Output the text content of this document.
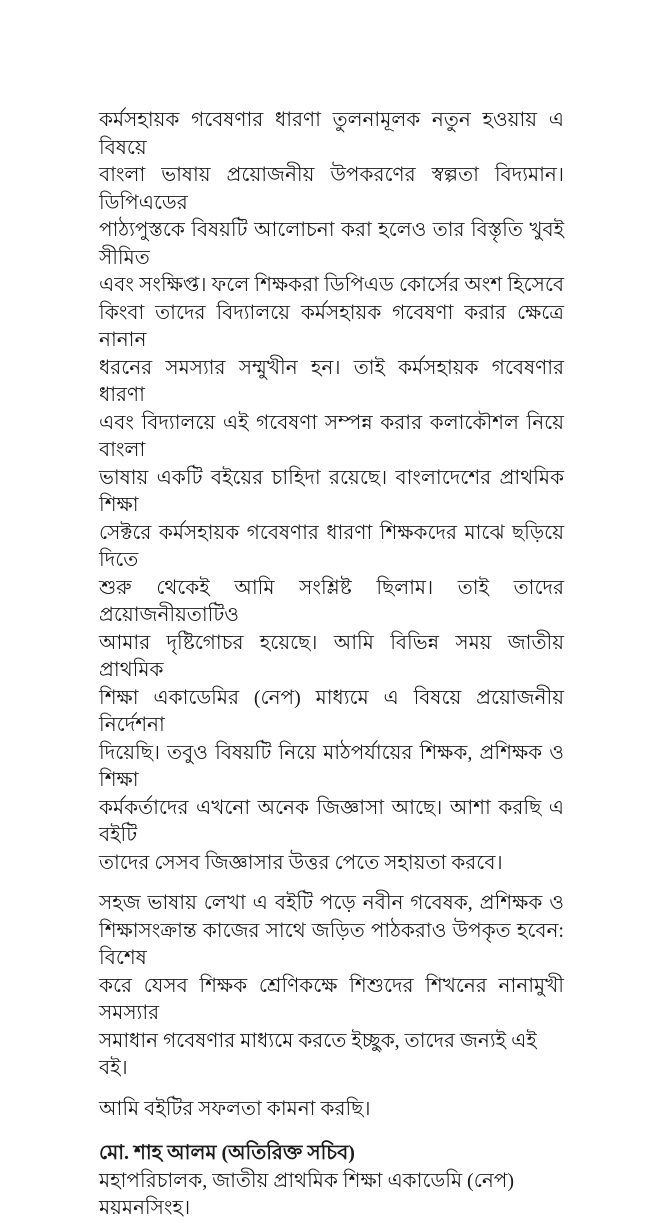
কর্মসহায়ক গবেষণার ধারণা তুলনামূলক নতুন হওয়ায় এ বিষয়ে
বাংলা ভাষায় প্রয়োজনীয় উপকরণের স্বল্পতা বিদ্যমান। ডিপিএডের
পাঠ্যপুস্তকে বিষয়টি আলোচনা করা হলেও তার বিস্তৃতি খুবই সীমিত
এবং সংক্ষিপ্ত। ফলে শিক্ষকরা ডিপিএড কোর্সের অংশ হিসেবে
কিংবা তাদের বিদ্যালয়ে কর্মসহায়ক গবেষণা করার ক্ষেত্রে নানান
ধরনের সমস্যার সম্মুখীন হন। তাই কর্মসহায়ক গবেষণার ধারণা
এবং বিদ্যালয়ে এই গবেষণা সম্পন্ন করার কলাকৌশল নিয়ে বাংলা
ভাষায় একটি বইয়ের চাহিদা রয়েছে। বাংলাদেশের প্রাথমিক শিক্ষা
সেক্টরে কর্মসহায়ক গবেষণার ধারণা শিক্ষকদের মাঝে ছড়িয়ে দিতে
শুরু থেকেই আমি সংশ্লিষ্ট ছিলাম। তাই তাদের প্রয়োজনীয়তাটিও
আমার দৃষ্টিগোচর হয়েছে। আমি বিভিন্ন সময় জাতীয় প্রাথমিক
শিক্ষা একাডেমির (নেপ) মাধ্যমে এ বিষয়ে প্রয়োজনীয় নির্দেশনা
দিয়েছি। তবুও বিষয়টি নিয়ে মাঠপর্যায়ের শিক্ষক, প্রশিক্ষক ও শিক্ষা
কর্মকর্তাদের এখনো অনেক জিজ্ঞাসা আছে। আশা করছি এ বইটি
তাদের সেসব জিজ্ঞাসার উত্তর পেতে সহায়তা করবে।
সহজ ভাষায় লেখা এ বইটি পড়ে নবীন গবেষক, প্রশিক্ষক ও
শিক্ষাসংক্রান্ত কাজের সাথে জড়িত পাঠকরাও উপকৃত হবেন: বিশেষ
করে যেসব শিক্ষক শ্রেণিকক্ষে শিশুদের শিখনের নানামুখী সমস্যার
সমাধান গবেষণার মাধ্যমে করতে ইচ্ছুক, তাদের জন্যই এই বই।
আমি বইটির সফলতা কামনা করছি।
মো. শাহ আলম (অতিরিক্ত সচিব)
মহাপরিচালক, জাতীয় প্রাথমিক শিক্ষা একাডেমি (নেপ)
ময়মনসিংহ।
